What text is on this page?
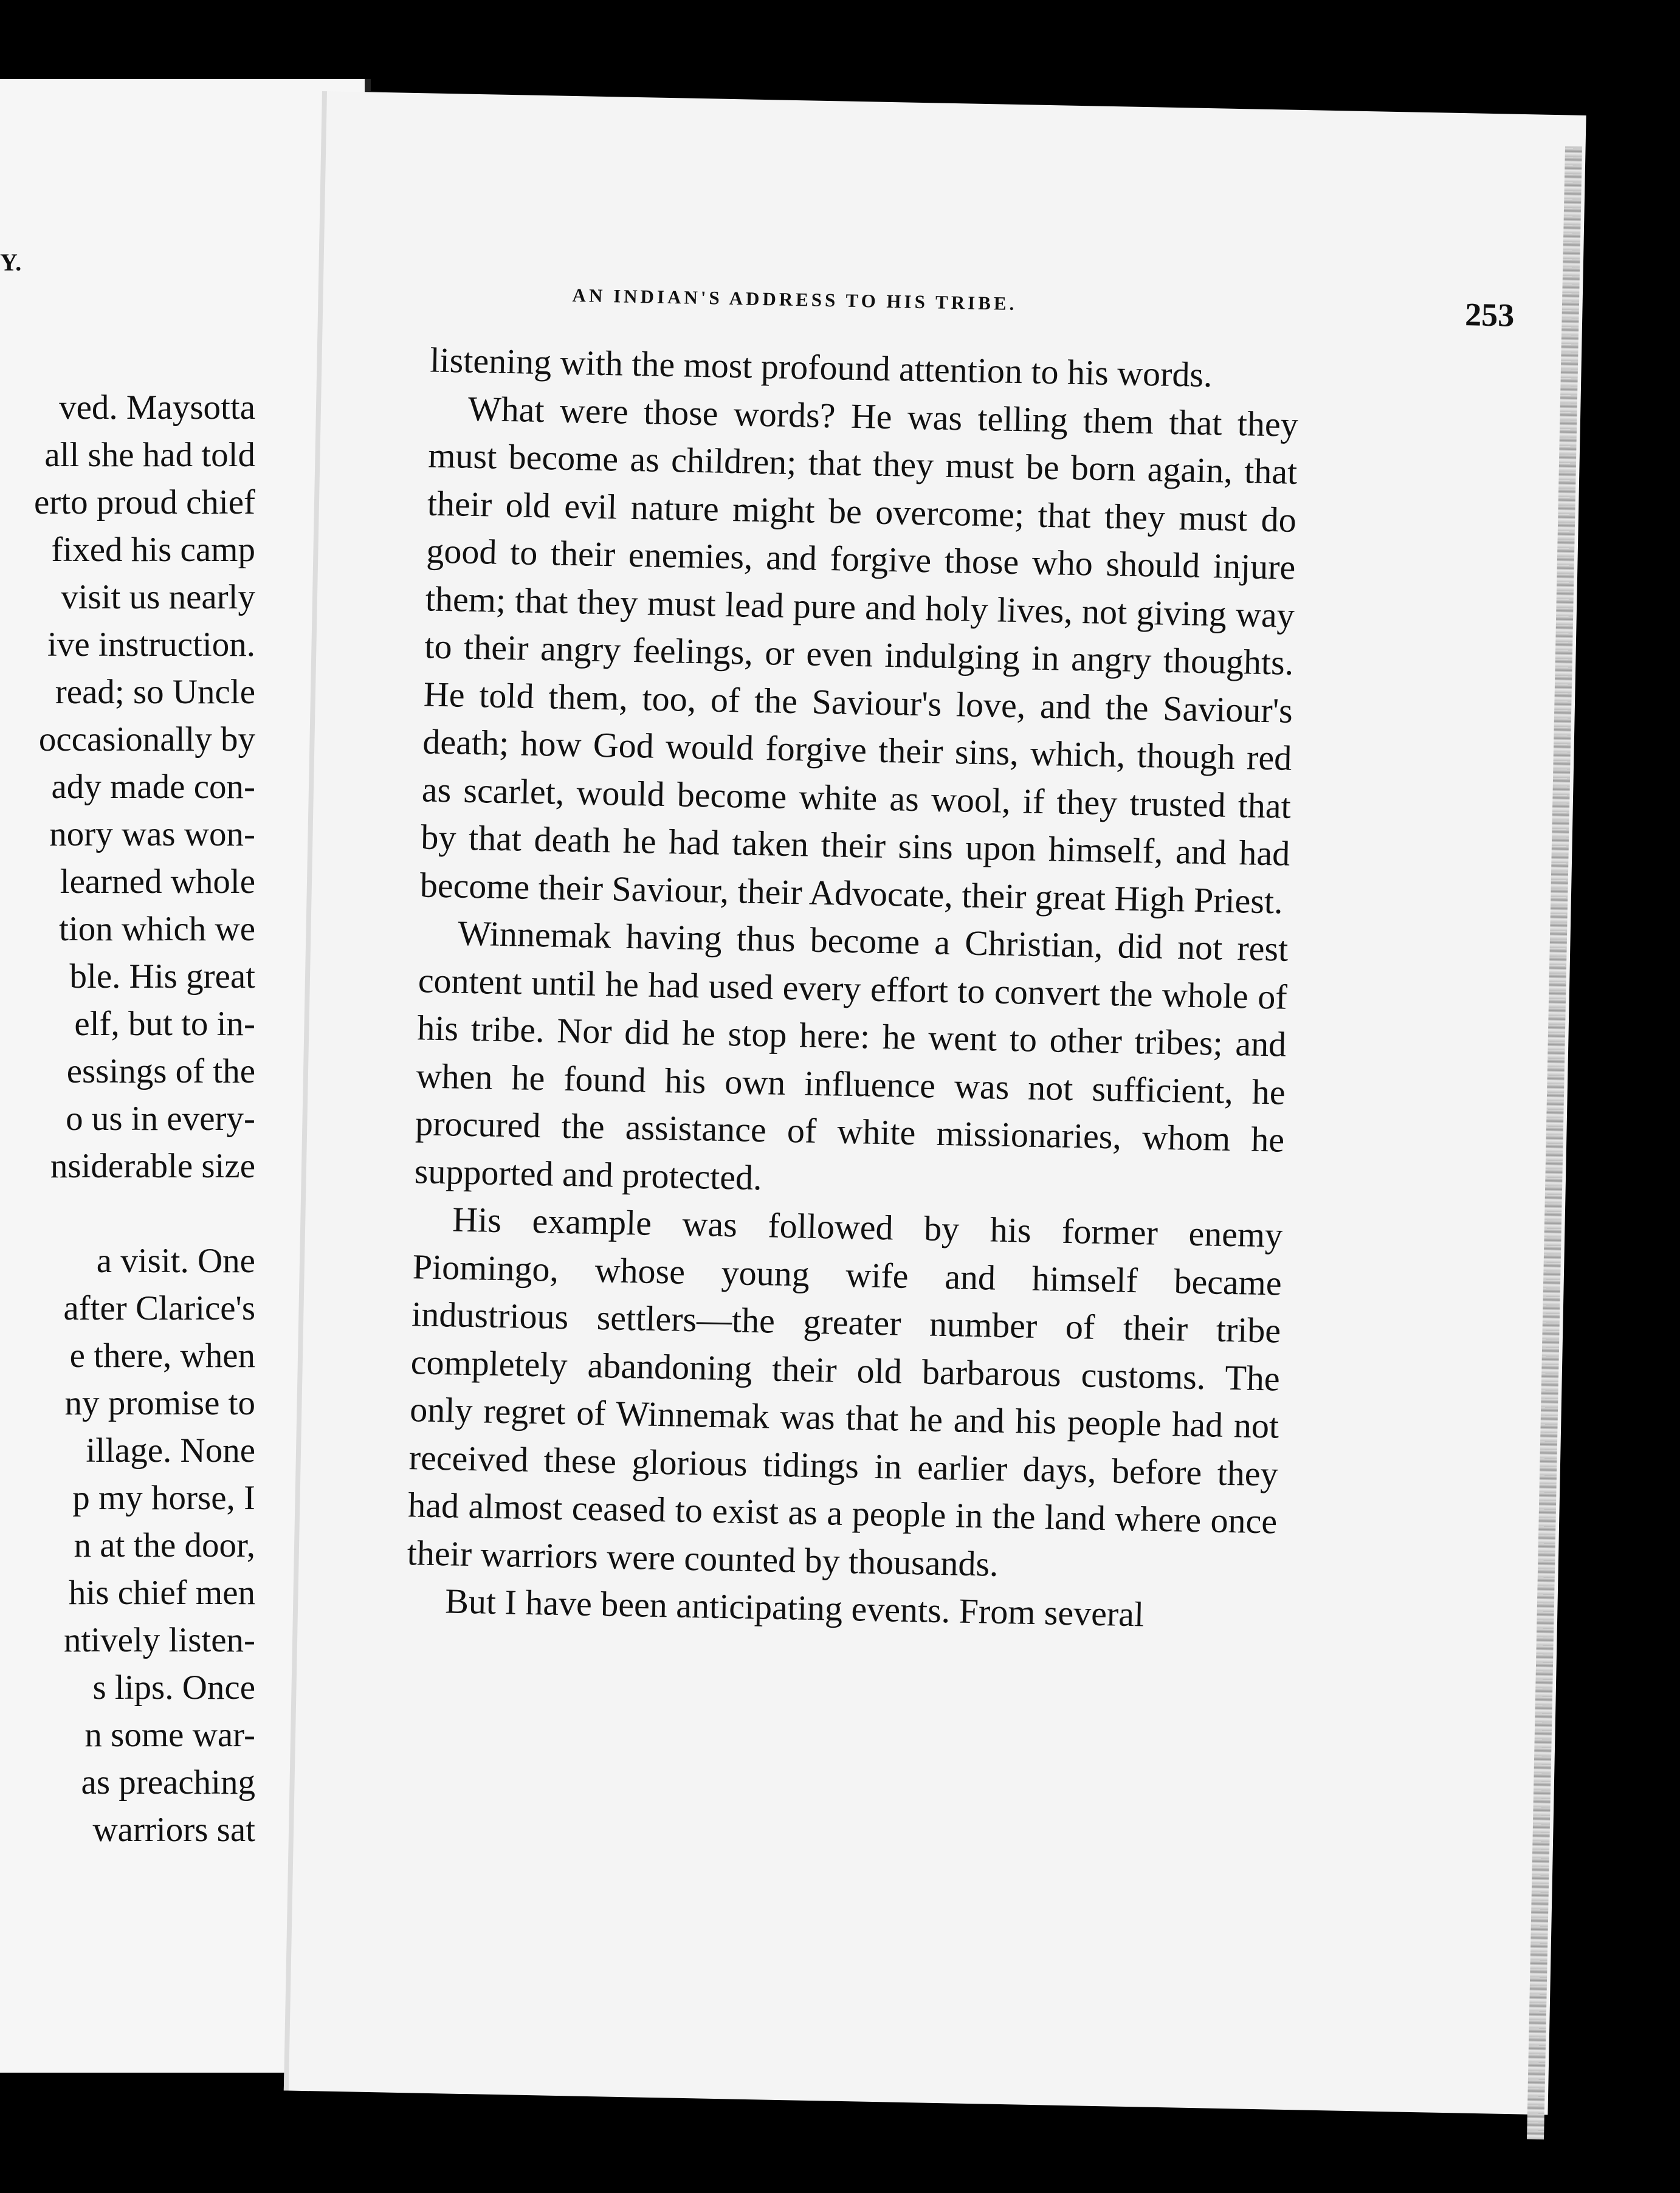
Y.

ved. Maysotta
all she had told
erto proud chief
fixed his camp
visit us nearly
ive instruction.
read; so Uncle
occasionally by
ady made con-
nory was won-
learned whole
tion which we
ble. His great
elf, but to in-
essings of the
o us in every-
nsiderable size
a visit. One
after Clarice's
e there, when
ny promise to
illage. None
p my horse, I
n at the door,
his chief men
ntively listen-
s lips. Once
n some war-
as preaching
warriors sat

AN INDIAN'S ADDRESS TO HIS TRIBE.	253

listening with the most profound attention to his words.

What were those words? He was telling them that they must become as children; that they must be born again, that their old evil nature might be overcome; that they must do good to their enemies, and forgive those who should injure them; that they must lead pure and holy lives, not giving way to their angry feelings, or even indulging in angry thoughts. He told them, too, of the Saviour's love, and the Saviour's death; how God would forgive their sins, which, though red as scarlet, would become white as wool, if they trusted that by that death he had taken their sins upon himself, and had become their Saviour, their Advocate, their great High Priest.

Winnemak having thus become a Christian, did not rest content until he had used every effort to convert the whole of his tribe. Nor did he stop here: he went to other tribes; and when he found his own influence was not sufficient, he procured the assistance of white missionaries, whom he supported and protected.

His example was followed by his former enemy Piomingo, whose young wife and himself became industrious settlers—the greater number of their tribe completely abandoning their old barbarous customs. The only regret of Winnemak was that he and his people had not received these glorious tidings in earlier days, before they had almost ceased to exist as a people in the land where once their warriors were counted by thousands.

But I have been anticipating events. From several
